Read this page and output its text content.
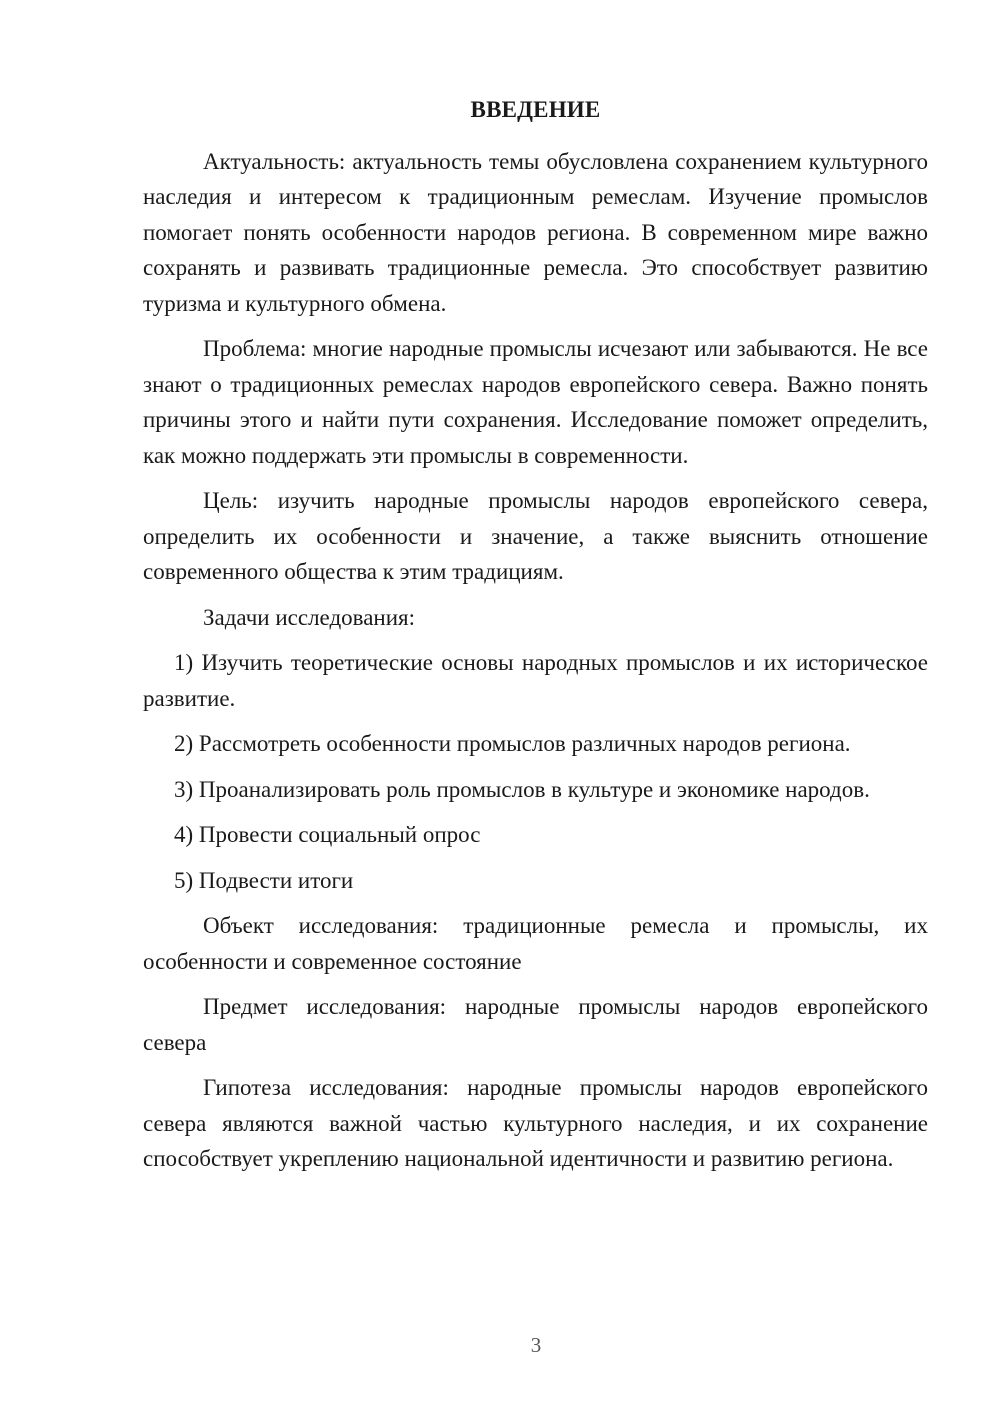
ВВЕДЕНИЕ

Актуальность: актуальность темы обусловлена сохранением культурного наследия и интересом к традиционным ремеслам. Изучение промыслов помогает понять особенности народов региона. В современном мире важно сохранять и развивать традиционные ремесла. Это способствует развитию туризма и культурного обмена.

Проблема: многие народные промыслы исчезают или забываются. Не все знают о традиционных ремеслах народов европейского севера. Важно понять причины этого и найти пути сохранения. Исследование поможет определить, как можно поддержать эти промыслы в современности.

Цель: изучить народные промыслы народов европейского севера, определить их особенности и значение, а также выяснить отношение современного общества к этим традициям.

Задачи исследования:

1) Изучить теоретические основы народных промыслов и их историческое развитие.

2) Рассмотреть особенности промыслов различных народов региона.

3) Проанализировать роль промыслов в культуре и экономике народов.

4) Провести социальный опрос

5) Подвести итоги

Объект исследования: традиционные ремесла и промыслы, их особенности и современное состояние

Предмет исследования: народные промыслы народов европейского севера

Гипотеза исследования: народные промыслы народов европейского севера являются важной частью культурного наследия, и их сохранение способствует укреплению национальной идентичности и развитию региона.

3
